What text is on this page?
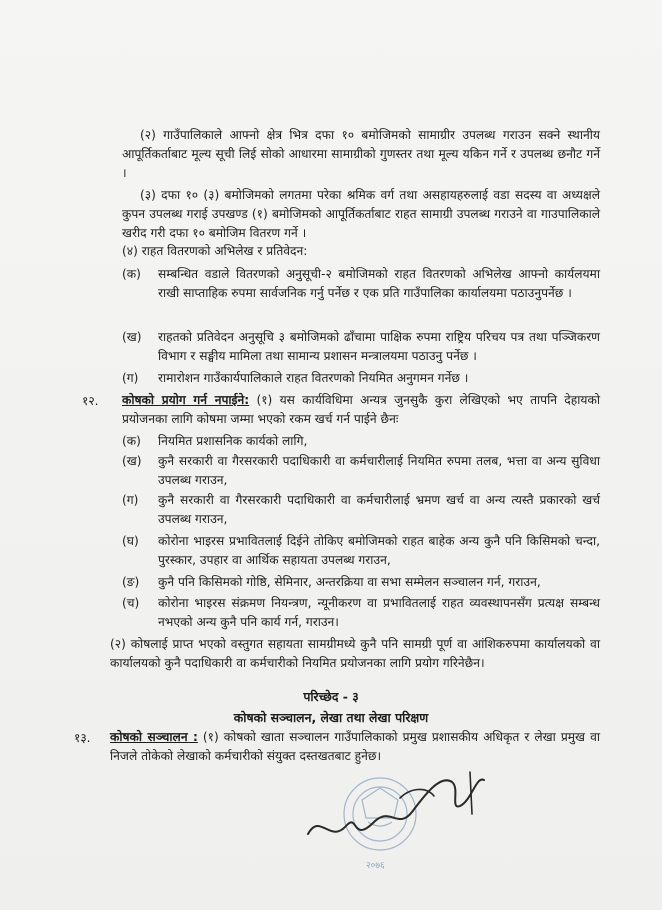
(२) गाउँपालिकाले आफ्नो क्षेत्र भित्र दफा १० बमोजिमको सामाग्रीर उपलब्ध गराउन सक्ने स्थानीय आपूर्तिकर्ताबाट मूल्य सूची लिई सोको आधारमा सामाग्रीको गुणस्तर तथा मूल्य यकिन गर्ने र उपलब्ध छनौट गर्ने ।
(३) दफा १० (३) बमोजिमको लगतमा परेका श्रमिक वर्ग तथा असहायहरुलाई वडा सदस्य वा अध्यक्षले कुपन उपलब्ध गराई उपखण्ड (१) बमोजिमको आपूर्तिकर्ताबाट राहत सामाग्री उपलब्ध गराउने वा गाउपालिकाले खरीद गरी दफा १० बमोजिम वितरण गर्ने ।
(४) राहत वितरणको अभिलेख र प्रतिवेदन:
(क) सम्बन्धित वडाले वितरणको अनुसूची-२ बमोजिमको राहत वितरणको अभिलेख आफ्नो कार्यलयमा राखी साप्ताहिक रुपमा सार्वजनिक गर्नु पर्नेछ र एक प्रति गाउँपालिका कार्यालयमा पठाउनुपर्नेछ ।
(ख) राहतको प्रतिवेदन अनुसूचि ३ बमोजिमको ढाँचामा पाक्षिक रुपमा राष्ट्रिय परिचय पत्र तथा पञ्जिकरण विभाग र सङ्घीय मामिला तथा सामान्य प्रशासन मन्त्रालयमा पठाउनु पर्नेछ ।
(ग) रामारोशन गाउँकार्यपालिकाले राहत वितरणको नियमित अनुगमन गर्नेछ ।
१२. कोषको प्रयोग गर्न नपाईने: (१) यस कार्यविधिमा अन्यत्र जुनसुकै कुरा लेखिएको भए तापनि देहायको प्रयोजनका लागि कोषमा जम्मा भएको रकम खर्च गर्न पाईने छैनः
(क) नियमित प्रशासनिक कार्यको लागि,
(ख) कुनै सरकारी वा गैरसरकारी पदाधिकारी वा कर्मचारीलाई नियमित रुपमा तलब, भत्ता वा अन्य सुविधा उपलब्ध गराउन,
(ग) कुनै सरकारी वा गैरसरकारी पदाधिकारी वा कर्मचारीलाई भ्रमण खर्च वा अन्य त्यस्तै प्रकारको खर्च उपलब्ध गराउन,
(घ) कोरोना भाइरस प्रभावितलाई दिईने तोकिए बमोजिमको राहत बाहेक अन्य कुनै पनि किसिमको चन्दा, पुरस्कार, उपहार वा आर्थिक सहायता उपलब्ध गराउन,
(ङ) कुनै पनि किसिमको गोष्ठि, सेमिनार, अन्तरक्रिया वा सभा सम्मेलन सञ्चालन गर्न, गराउन,
(च) कोरोना भाइरस संक्रमण नियन्त्रण, न्यूनीकरण वा प्रभावितलाई राहत व्यवस्थापनसँग प्रत्यक्ष सम्बन्ध नभएको अन्य कुनै पनि कार्य गर्न, गराउन।
(२) कोषलाई प्राप्त भएको वस्तुगत सहायता सामग्रीमध्ये कुनै पनि सामग्री पूर्ण वा आंशिकरुपमा कार्यालयको वा कार्यालयको कुनै पदाधिकारी वा कर्मचारीको नियमित प्रयोजनका लागि प्रयोग गरिनेछैन।
परिच्छेद - ३
कोषको सञ्चालन, लेखा तथा लेखा परिक्षण
१३. कोषको सञ्चालन : (१) कोषको खाता सञ्चालन गाउँपालिकाको प्रमुख प्रशासकीय अधिकृत र लेखा प्रमुख वा निजले तोकेको लेखाको कर्मचारीको संयुक्त दस्तखतबाट हुनेछ।
२०७६
